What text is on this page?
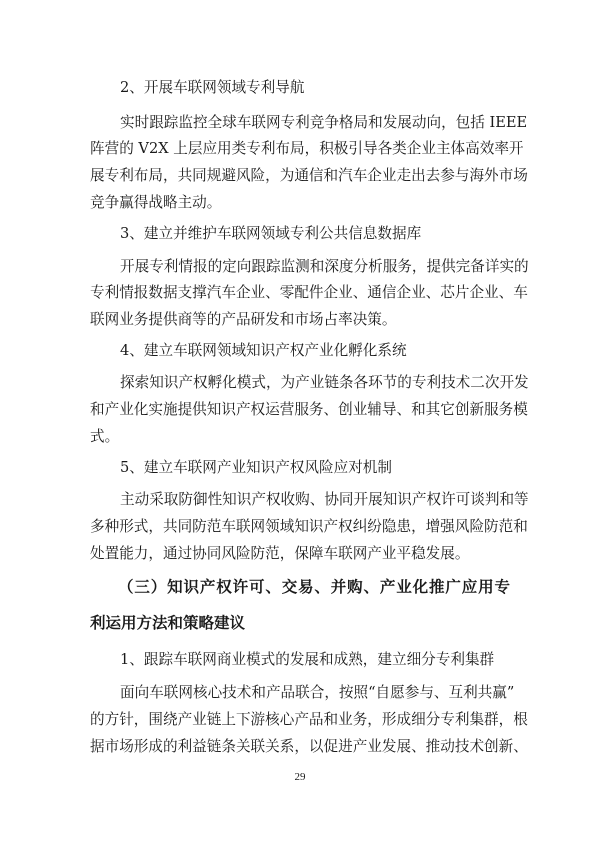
2、开展车联网领域专利导航
实时跟踪监控全球车联网专利竞争格局和发展动向，包括 IEEE
阵营的 V2X 上层应用类专利布局，积极引导各类企业主体高效率开
展专利布局，共同规避风险，为通信和汽车企业走出去参与海外市场
竞争赢得战略主动。
3、建立并维护车联网领域专利公共信息数据库
开展专利情报的定向跟踪监测和深度分析服务，提供完备详实的
专利情报数据支撑汽车企业、零配件企业、通信企业、芯片企业、车
联网业务提供商等的产品研发和市场占率决策。
4、建立车联网领域知识产权产业化孵化系统
探索知识产权孵化模式，为产业链条各环节的专利技术二次开发
和产业化实施提供知识产权运营服务、创业辅导、和其它创新服务模
式。
5、建立车联网产业知识产权风险应对机制
主动采取防御性知识产权收购、协同开展知识产权许可谈判和等
多种形式，共同防范车联网领域知识产权纠纷隐患，增强风险防范和
处置能力，通过协同风险防范，保障车联网产业平稳发展。
（三）知识产权许可、交易、并购、产业化推广应用专
利运用方法和策略建议
1、跟踪车联网商业模式的发展和成熟，建立细分专利集群
面向车联网核心技术和产品联合，按照“自愿参与、互利共赢”
的方针，围绕产业链上下游核心产品和业务，形成细分专利集群，根
据市场形成的利益链条关联关系，以促进产业发展、推动技术创新、
29
